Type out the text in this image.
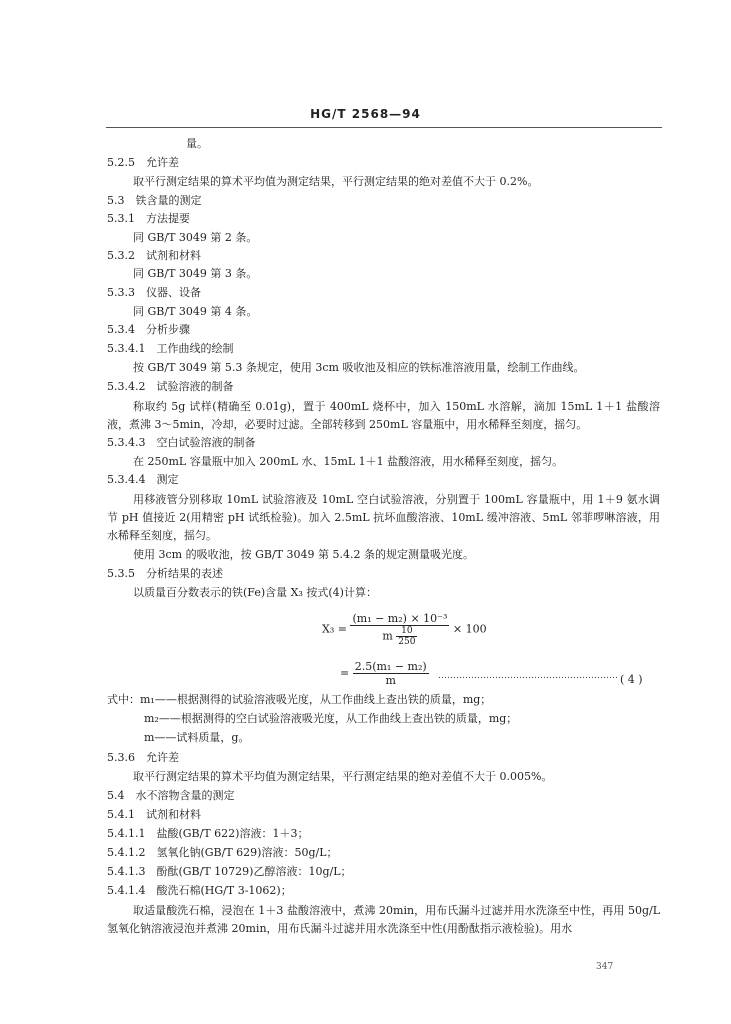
HG/T 2568—94
量。
5.2.5　允许差
取平行测定结果的算术平均值为测定结果，平行测定结果的绝对差值不大于 0.2%。
5.3　铁含量的测定
5.3.1　方法提要
同 GB/T 3049 第 2 条。
5.3.2　试剂和材料
同 GB/T 3049 第 3 条。
5.3.3　仪器、设备
同 GB/T 3049 第 4 条。
5.3.4　分析步骤
5.3.4.1　工作曲线的绘制
按 GB/T 3049 第 5.3 条规定，使用 3cm 吸收池及相应的铁标准溶液用量，绘制工作曲线。
5.3.4.2　试验溶液的制备
称取约 5g 试样(精确至 0.01g)，置于 400mL 烧杯中，加入 150mL 水溶解，滴加 15mL 1＋1 盐酸溶液，煮沸 3～5min，冷却，必要时过滤。全部转移到 250mL 容量瓶中，用水稀释至刻度，摇匀。
5.3.4.3　空白试验溶液的制备
在 250mL 容量瓶中加入 200mL 水、15mL 1＋1 盐酸溶液，用水稀释至刻度，摇匀。
5.3.4.4　测定
用移液管分别移取 10mL 试验溶液及 10mL 空白试验溶液，分别置于 100mL 容量瓶中，用 1＋9 氨水调节 pH 值接近 2(用精密 pH 试纸检验)。加入 2.5mL 抗坏血酸溶液、10mL 缓冲溶液、5mL 邻菲啰啉溶液，用水稀释至刻度，摇匀。
使用 3cm 的吸收池，按 GB/T 3049 第 5.4.2 条的规定测量吸光度。
5.3.5　分析结果的表述
以质量百分数表示的铁(Fe)含量 X₃ 按式(4)计算：
$X_3 = \frac{\text{(m₁ − m₂) × 10⁻³}}{m \frac{10}{250}} \times 100$
= $\frac{\text{2.5(m₁ − m₂)}}{m}$ …………………………………………………… ( 4 )
式中：m₁——根据测得的试验溶液吸光度，从工作曲线上查出铁的质量，mg；
m₂——根据测得的空白试验溶液吸光度，从工作曲线上查出铁的质量，mg；
m——试料质量，g。
5.3.6　允许差
取平行测定结果的算术平均值为测定结果，平行测定结果的绝对差值不大于 0.005%。
5.4　水不溶物含量的测定
5.4.1　试剂和材料
5.4.1.1　盐酸(GB/T 622)溶液：1＋3；
5.4.1.2　氢氧化钠(GB/T 629)溶液：50g/L；
5.4.1.3　酚酞(GB/T 10729)乙醇溶液：10g/L；
5.4.1.4　酸洗石棉(HG/T 3-1062)；
取适量酸洗石棉，浸泡在 1＋3 盐酸溶液中，煮沸 20min，用布氏漏斗过滤并用水洗涤至中性，再用 50g/L 氢氧化钠溶液浸泡并煮沸 20min，用布氏漏斗过滤并用水洗涤至中性(用酚酞指示液检验)。用水
347
